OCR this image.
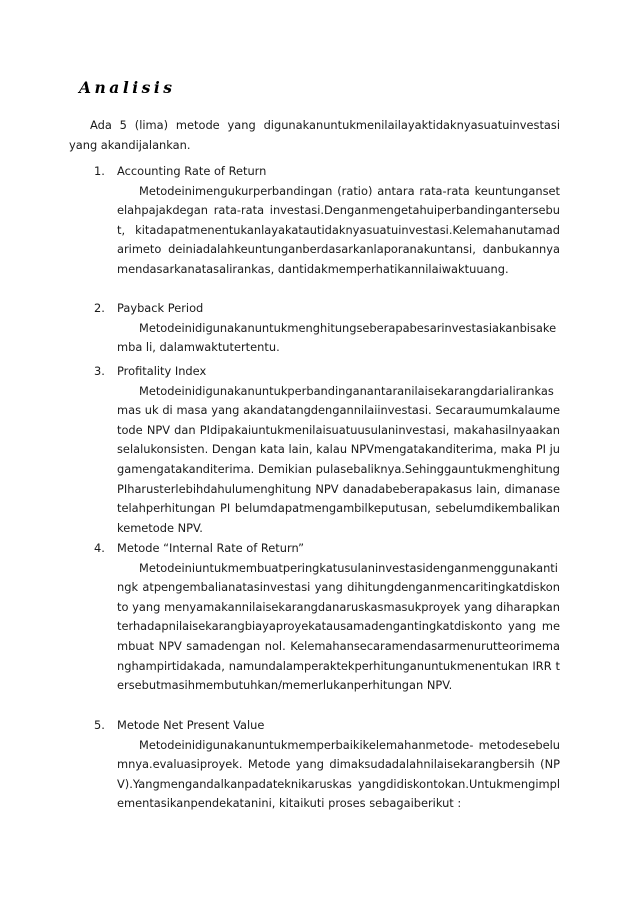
Analisis

Ada 5 (lima) metode yang digunakanuntukmenilailayaktidaknyasuatuinvestasi yang akandijalankan.

1. Accounting Rate of Return

Metodeinimengukurperbandingan (ratio) antara rata-rata keuntungansetelahpajakdegan rata-rata investasi.Denganmengetahuiperbandingantersebut, kitadapatmenentukanlayakatautidaknyasuatuinvestasi.Kelemahanutamadarimeto deiniadalahkeuntunganberdasarkanlaporanakuntansi, danbukannyamendasarkanatasalirankas, dantidakmemperhatikannilaiwaktuuang.

2. Payback Period

Metodeinidigunakanuntukmenghitungseberapabesarinvestasiakanbisakemba li, dalamwaktutertentu.

3. Profitality Index

Metodeinidigunakanuntukperbandinganantaranilaisekarangdarialirankasmas uk di masa yang akandatangdengannilaiinvestasi. Secaraumumkalaumetode NPV dan PIdipakaiuntukmenilaisuatuusulaninvestasi, makahasilnyaakanselalukonsisten. Dengan kata lain, kalau NPVmengatakanditerima, maka PI jugamengatakanditerima. Demikian pulasebaliknya.Sehinggauntukmenghitung PIharusterlebihdahulumenghitung NPV danadabeberapakasus lain, dimanasetelahperhitungan PI belumdapatmengambilkeputusan, sebelumdikembalikankemetode NPV.

4. Metode “Internal Rate of Return”

Metodeiniuntukmembuatperingkatusulaninvestasidenganmenggunakantingk atpengembalianatasinvestasi yang dihitungdenganmencaritingkatdiskonto yang menyamakannilaisekarangdanaruskasmasukproyek yang diharapkanterhadapnilaisekarangbiayaproyekatausamadengantingkatdiskonto yang membuat NPV samadengan nol. Kelemahansecaramendasarmenurutteorimemanghampirtidakada, namundalamperaktekperhitunganuntukmenentukan IRR tersebutmasihmembutuhkan/memerlukanperhitungan NPV.

5. Metode Net Present Value

Metodeinidigunakanuntukmemperbaikikelemahanmetode- metodesebelumnya.evaluasiproyek. Metode yang dimaksudadalahnilaisekarangbersih (NPV).Yangmengandalkanpadateknikaruskas yangdidiskontokan.Untukmengimplementasikanpendekatanini, kitaikuti proses sebagaiberikut :
